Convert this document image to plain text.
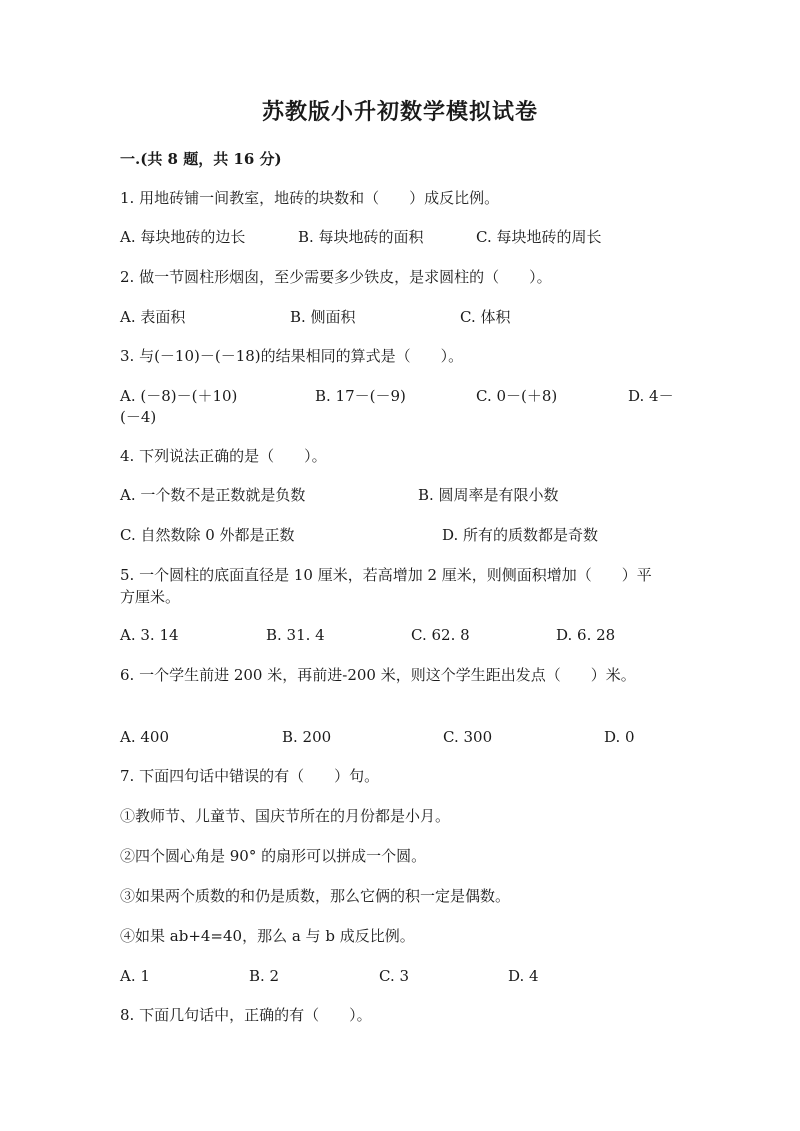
苏教版小升初数学模拟试卷
一.(共 8 题，共 16 分)
1. 用地砖铺一间教室，地砖的块数和（　　）成反比例。
A. 每块地砖的边长	B. 每块地砖的面积	C. 每块地砖的周长
2. 做一节圆柱形烟囱，至少需要多少铁皮，是求圆柱的（　　）。
A. 表面积	B. 侧面积	C. 体积
3. 与(－10)－(－18)的结果相同的算式是（　　）。
A. (－8)－(＋10)	B. 17－(－9)	C. 0－(＋8)	D. 4－
(－4)
4. 下列说法正确的是（　　）。
A. 一个数不是正数就是负数	B. 圆周率是有限小数
C. 自然数除 0 外都是正数	D. 所有的质数都是奇数
5. 一个圆柱的底面直径是 10 厘米，若高增加 2 厘米，则侧面积增加（　　）平
方厘米。
A. 3. 14	B. 31. 4	C. 62. 8	D. 6. 28
6. 一个学生前进 200 米，再前进-200 米，则这个学生距出发点（　　）米。
A. 400	B. 200	C. 300	D. 0
7. 下面四句话中错误的有（　　）句。
①教师节、儿童节、国庆节所在的月份都是小月。
②四个圆心角是 90° 的扇形可以拼成一个圆。
③如果两个质数的和仍是质数，那么它俩的积一定是偶数。
④如果 ab+4=40，那么 a 与 b 成反比例。
A. 1	B. 2	C. 3	D. 4
8. 下面几句话中，正确的有（　　）。
